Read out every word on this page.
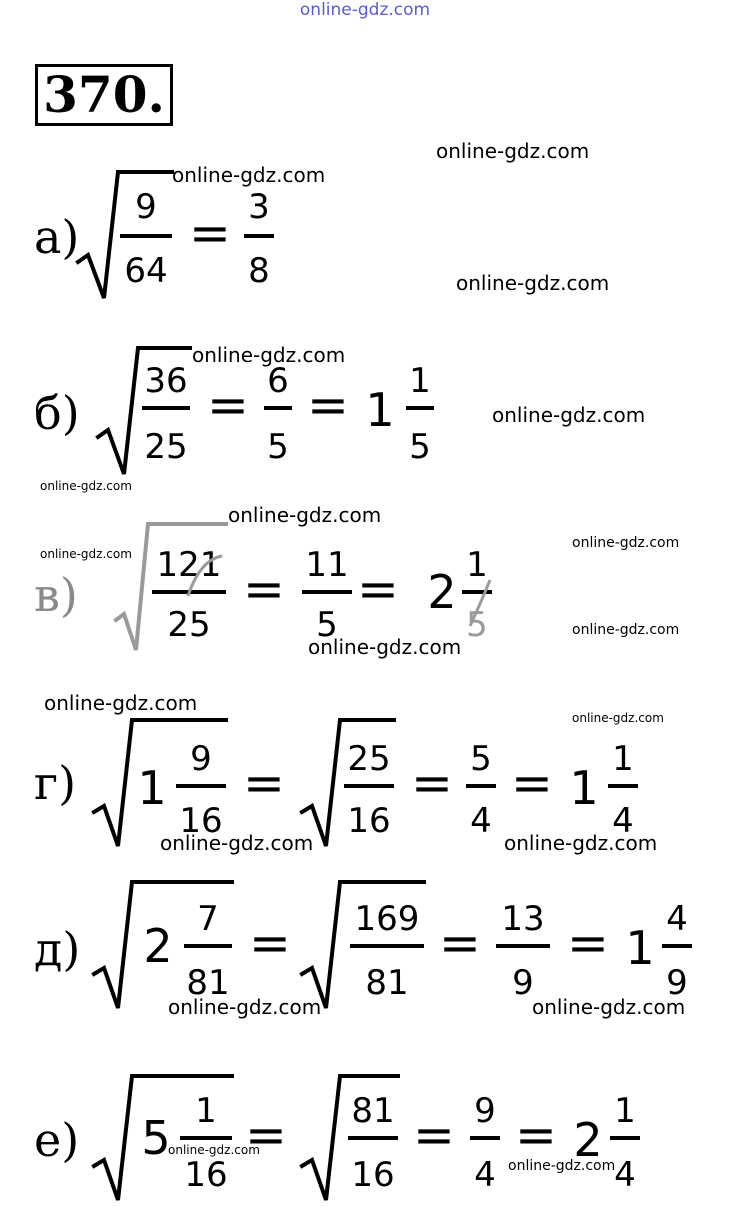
online-gdz.com
370.
online-gdz.com
online-gdz.com
online-gdz.com
online-gdz.com
online-gdz.com
online-gdz.com
online-gdz.com
online-gdz.com
online-gdz.com
online-gdz.com
online-gdz.com
online-gdz.com
online-gdz.com
online-gdz.com	online-gdz.com
online-gdz.com	online-gdz.com
online-gdz.com
online-gdz.com
online-gdz.com
а)
б)
в)
г)
д)
е)
9
64
= 3
8
36
25
= 6
5
= 1
1
5
121
25
= 11
5
= 2 1
5
1
9
16
= 25
16
= 5
4
= 1
1
4
2 7
81
= 169
81
= 13
9
= 1
4
9
5 1
16
= 81
16
= 9
4
= 2
1
4
